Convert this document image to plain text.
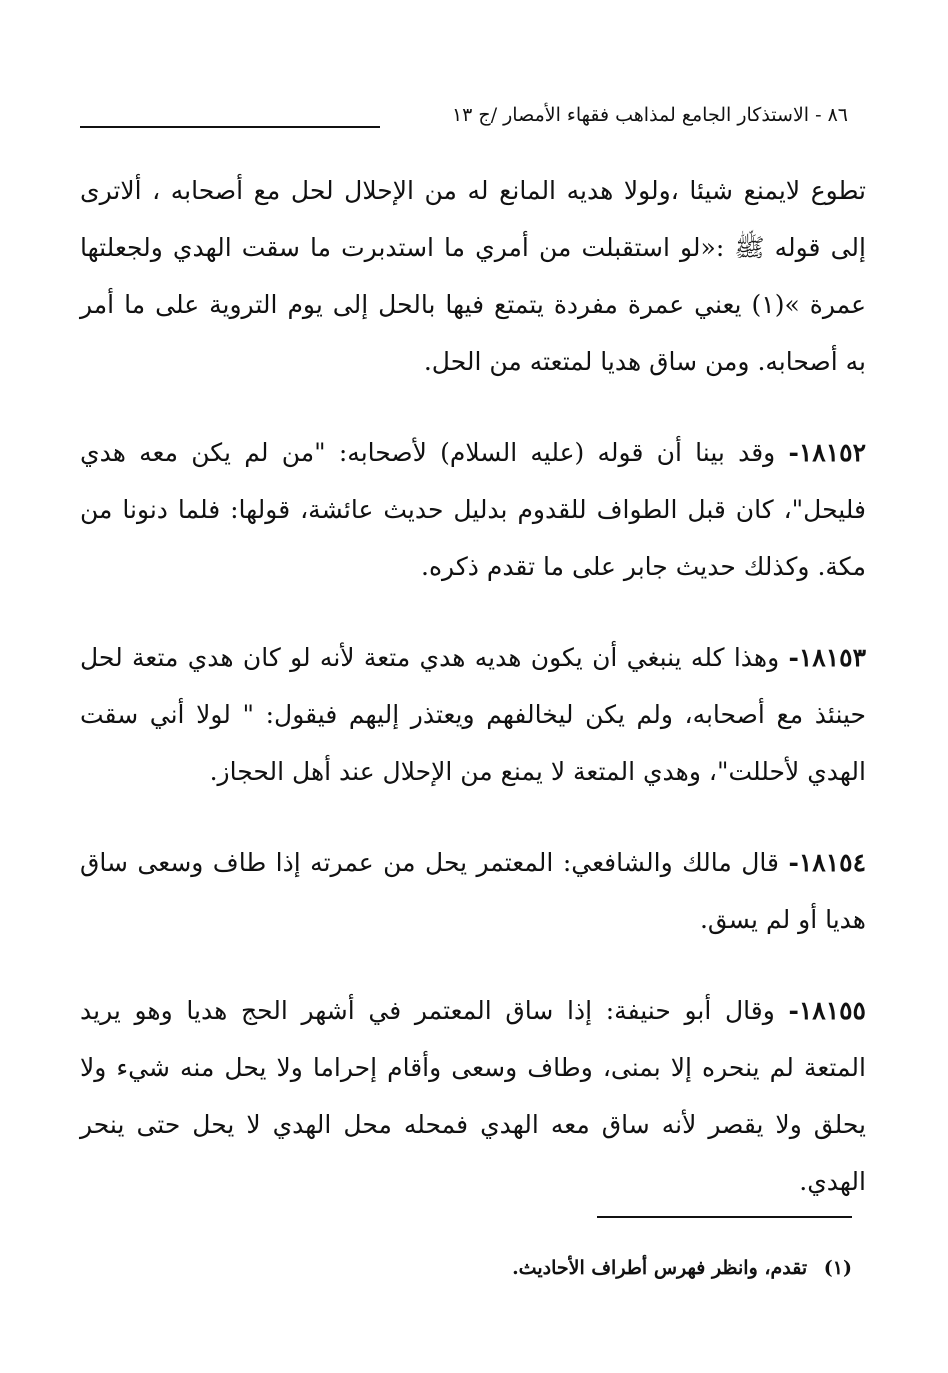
٨٦ - الاستذكار الجامع لمذاهب فقهاء الأمصار /ج ١٣

تطوع لايمنع شيئا ،ولولا هديه المانع له من الإحلال لحل مع أصحابه ، ألاترى إلى قوله ﷺ :«لو استقبلت من أمري ما استدبرت ما سقت الهدي ولجعلتها عمرة »(١) يعني عمرة مفردة يتمتع فيها بالحل إلى يوم التروية على ما أمر به أصحابه. ومن ساق هديا لمتعته من الحل.

١٨١٥٢- وقد بينا أن قوله (عليه السلام) لأصحابه: "من لم يكن معه هدي فليحل"، كان قبل الطواف للقدوم بدليل حديث عائشة، قولها: فلما دنونا من مكة. وكذلك حديث جابر على ما تقدم ذكره.

١٨١٥٣- وهذا كله ينبغي أن يكون هديه هدي متعة لأنه لو كان هدي متعة لحل حينئذ مع أصحابه، ولم يكن ليخالفهم ويعتذر إليهم فيقول: " لولا أني سقت الهدي لأحللت"، وهدي المتعة لا يمنع من الإحلال عند أهل الحجاز.

١٨١٥٤- قال مالك والشافعي: المعتمر يحل من عمرته إذا طاف وسعى ساق هديا أو لم يسق.

١٨١٥٥- وقال أبو حنيفة: إذا ساق المعتمر في أشهر الحج هديا وهو يريد المتعة لم ينحره إلا بمنى، وطاف وسعى وأقام إحراما ولا يحل منه شيء ولا يحلق ولا يقصر لأنه ساق معه الهدي فمحله محل الهدي لا يحل حتى ينحر الهدي.

(١) تقدم، وانظر فهرس أطراف الأحاديث.
